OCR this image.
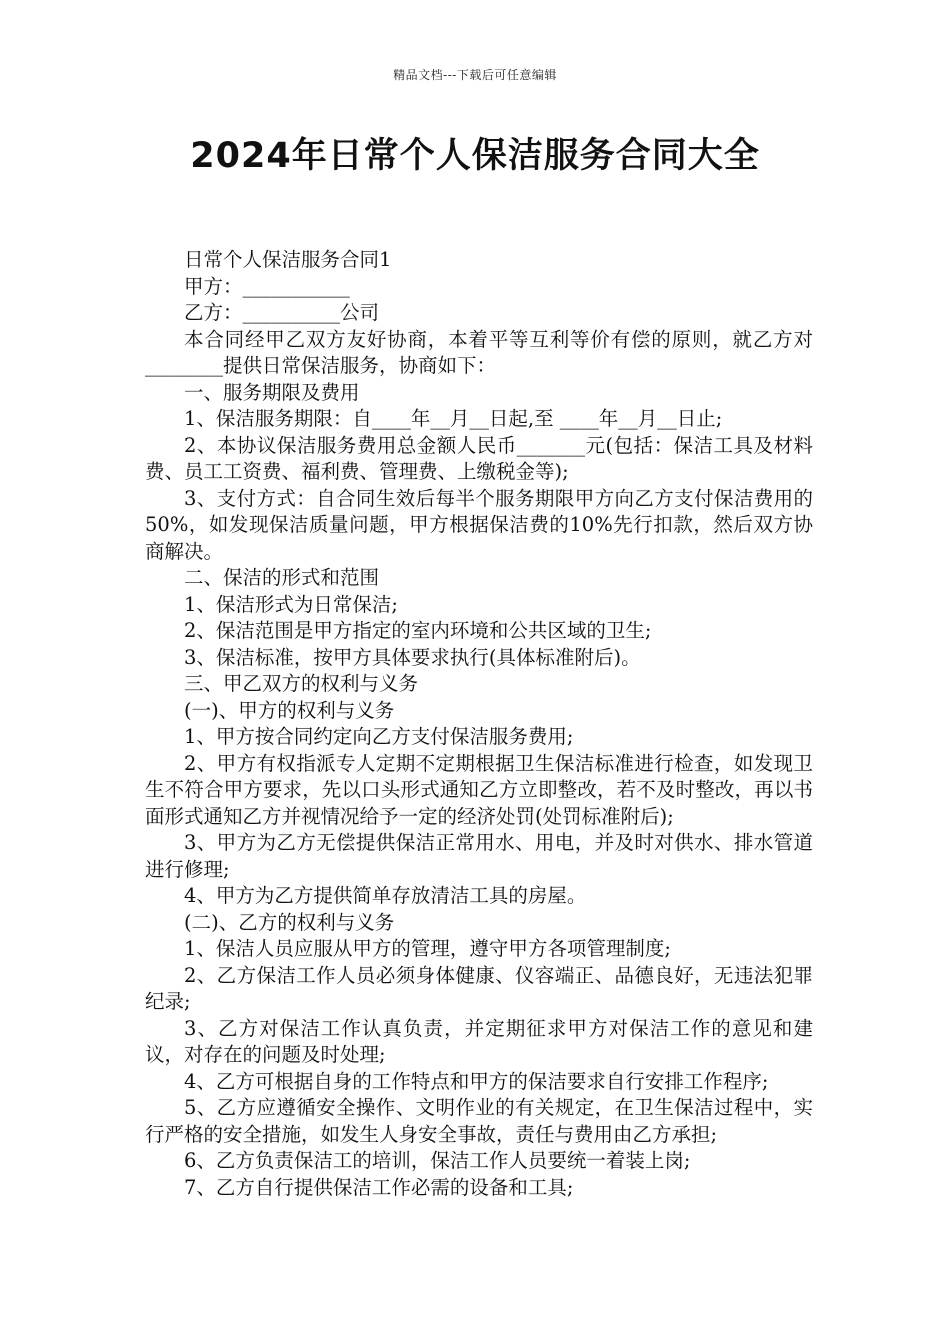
精品文档---下载后可任意编辑
2024年日常个人保洁服务合同大全

日常个人保洁服务合同1

甲方：___________

乙方：__________公司

本合同经甲乙双方友好协商，本着平等互利等价有偿的原则，就乙方对________提供日常保洁服务，协商如下：

一、服务期限及费用

1、保洁服务期限：自____年__月__日起,至 ____年__月__日止;

2、本协议保洁服务费用总金额人民币_______元(包括：保洁工具及材料费、员工工资费、福利费、管理费、上缴税金等);

3、支付方式：自合同生效后每半个服务期限甲方向乙方支付保洁费用的50%，如发现保洁质量问题，甲方根据保洁费的10%先行扣款，然后双方协商解决。

二、保洁的形式和范围

1、保洁形式为日常保洁;

2、保洁范围是甲方指定的室内环境和公共区域的卫生;

3、保洁标准，按甲方具体要求执行(具体标准附后)。

三、甲乙双方的权利与义务

(一)、甲方的权利与义务

1、甲方按合同约定向乙方支付保洁服务费用;

2、甲方有权指派专人定期不定期根据卫生保洁标准进行检查，如发现卫生不符合甲方要求，先以口头形式通知乙方立即整改，若不及时整改，再以书面形式通知乙方并视情况给予一定的经济处罚(处罚标准附后);

3、甲方为乙方无偿提供保洁正常用水、用电，并及时对供水、排水管道进行修理;

4、甲方为乙方提供简单存放清洁工具的房屋。

(二)、乙方的权利与义务

1、保洁人员应服从甲方的管理，遵守甲方各项管理制度;

2、乙方保洁工作人员必须身体健康、仪容端正、品德良好，无违法犯罪纪录;

3、乙方对保洁工作认真负责，并定期征求甲方对保洁工作的意见和建议，对存在的问题及时处理;

4、乙方可根据自身的工作特点和甲方的保洁要求自行安排工作程序;

5、乙方应遵循安全操作、文明作业的有关规定，在卫生保洁过程中，实行严格的安全措施，如发生人身安全事故，责任与费用由乙方承担;

6、乙方负责保洁工的培训，保洁工作人员要统一着装上岗;

7、乙方自行提供保洁工作必需的设备和工具;
